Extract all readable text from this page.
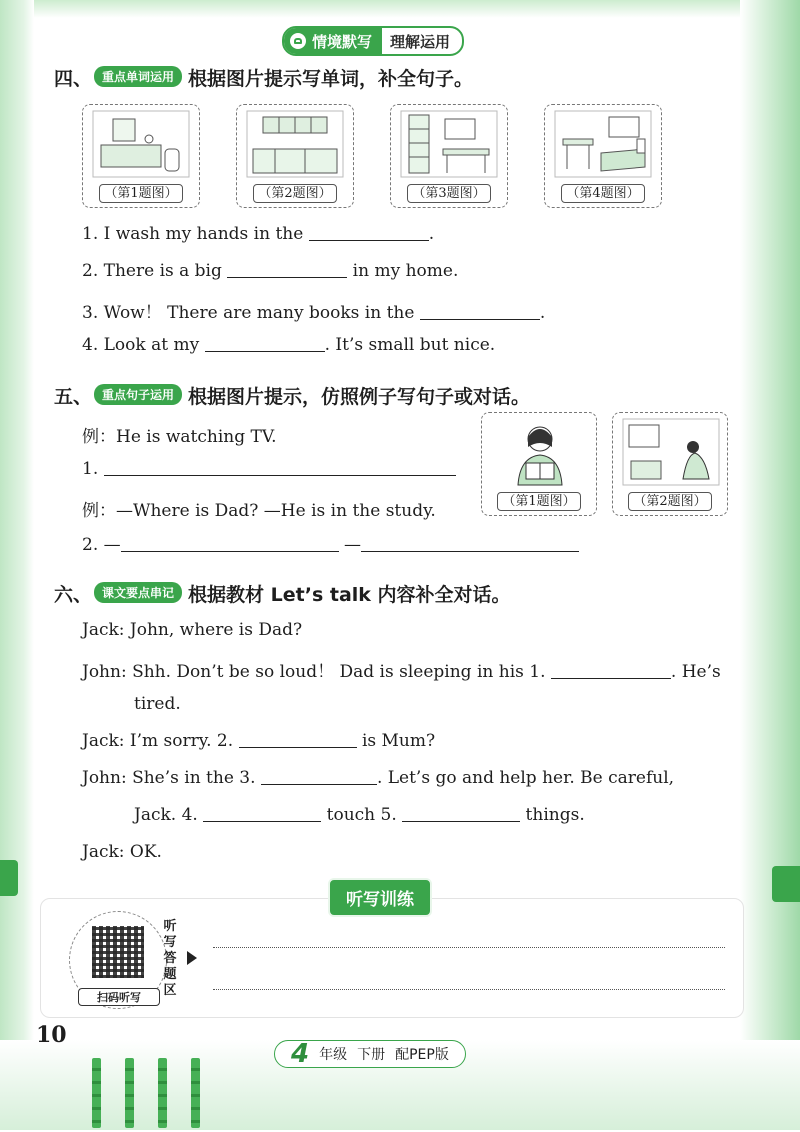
情境默写	理解运用
四、 重点单词运用 根据图片提示写单词，补全句子。
（第1题图）	（第2题图）	（第3题图）	（第4题图）
1. I wash my hands in the	.
2. There is a big	in my home.
3. Wow！ There are many books in the	.
4. Look at my	. It’s small but nice.
五、 重点句子运用 根据图片提示，仿照例子写句子或对话。
例：He is watching TV.
1.
例：—Where is Dad? —He is in the study.
2. —	—
（第1题图）	（第2题图）
六、 课文要点串记 根据教材 Let’s talk 内容补全对话。
Jack: John, where is Dad?
John: Shh. Don’t be so loud！ Dad is sleeping in his 1.	. He’s
tired.
Jack: I’m sorry. 2.	is Mum?
John: She’s in the 3.	. Let’s go and help her. Be careful,
Jack. 4.	touch 5.	things.
Jack: OK.
扫码听写
听
写
答
题
区
听写训练
10
4 年级 下册 配PEP版
